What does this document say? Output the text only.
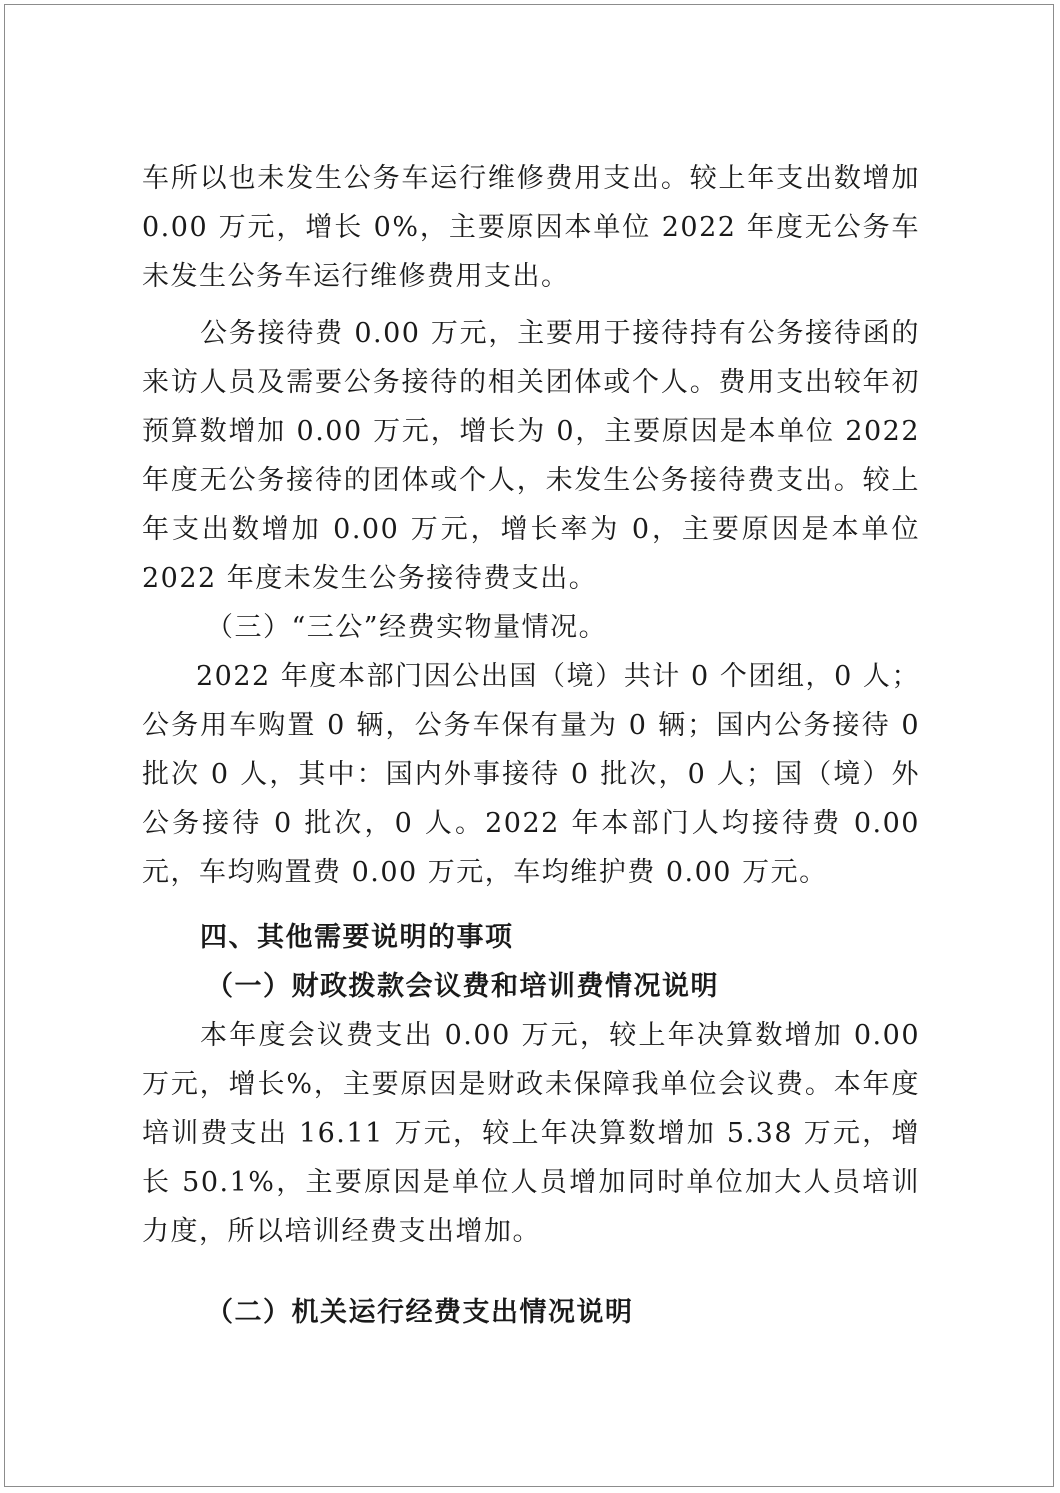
车所以也未发生公务车运行维修费用支出。较上年支出数增加 0.00 万元，增长 0%，主要原因本单位 2022 年度无公务车未发生公务车运行维修费用支出。

公务接待费 0.00 万元，主要用于接待持有公务接待函的来访人员及需要公务接待的相关团体或个人。费用支出较年初预算数增加 0.00 万元，增长为 0，主要原因是本单位 2022 年度无公务接待的团体或个人，未发生公务接待费支出。较上年支出数增加 0.00 万元，增长率为 0，主要原因是本单位 2022 年度未发生公务接待费支出。

（三）“三公”经费实物量情况。

2022 年度本部门因公出国（境）共计 0 个团组，0 人；公务用车购置 0 辆，公务车保有量为 0 辆；国内公务接待 0 批次 0 人，其中：国内外事接待 0 批次，0 人；国（境）外公务接待 0 批次，0 人。2022 年本部门人均接待费 0.00 元，车均购置费 0.00 万元，车均维护费 0.00 万元。

四、其他需要说明的事项

（一）财政拨款会议费和培训费情况说明

本年度会议费支出 0.00 万元，较上年决算数增加 0.00 万元，增长%，主要原因是财政未保障我单位会议费。本年度培训费支出 16.11 万元，较上年决算数增加 5.38 万元，增长 50.1%，主要原因是单位人员增加同时单位加大人员培训力度，所以培训经费支出增加。

（二）机关运行经费支出情况说明
